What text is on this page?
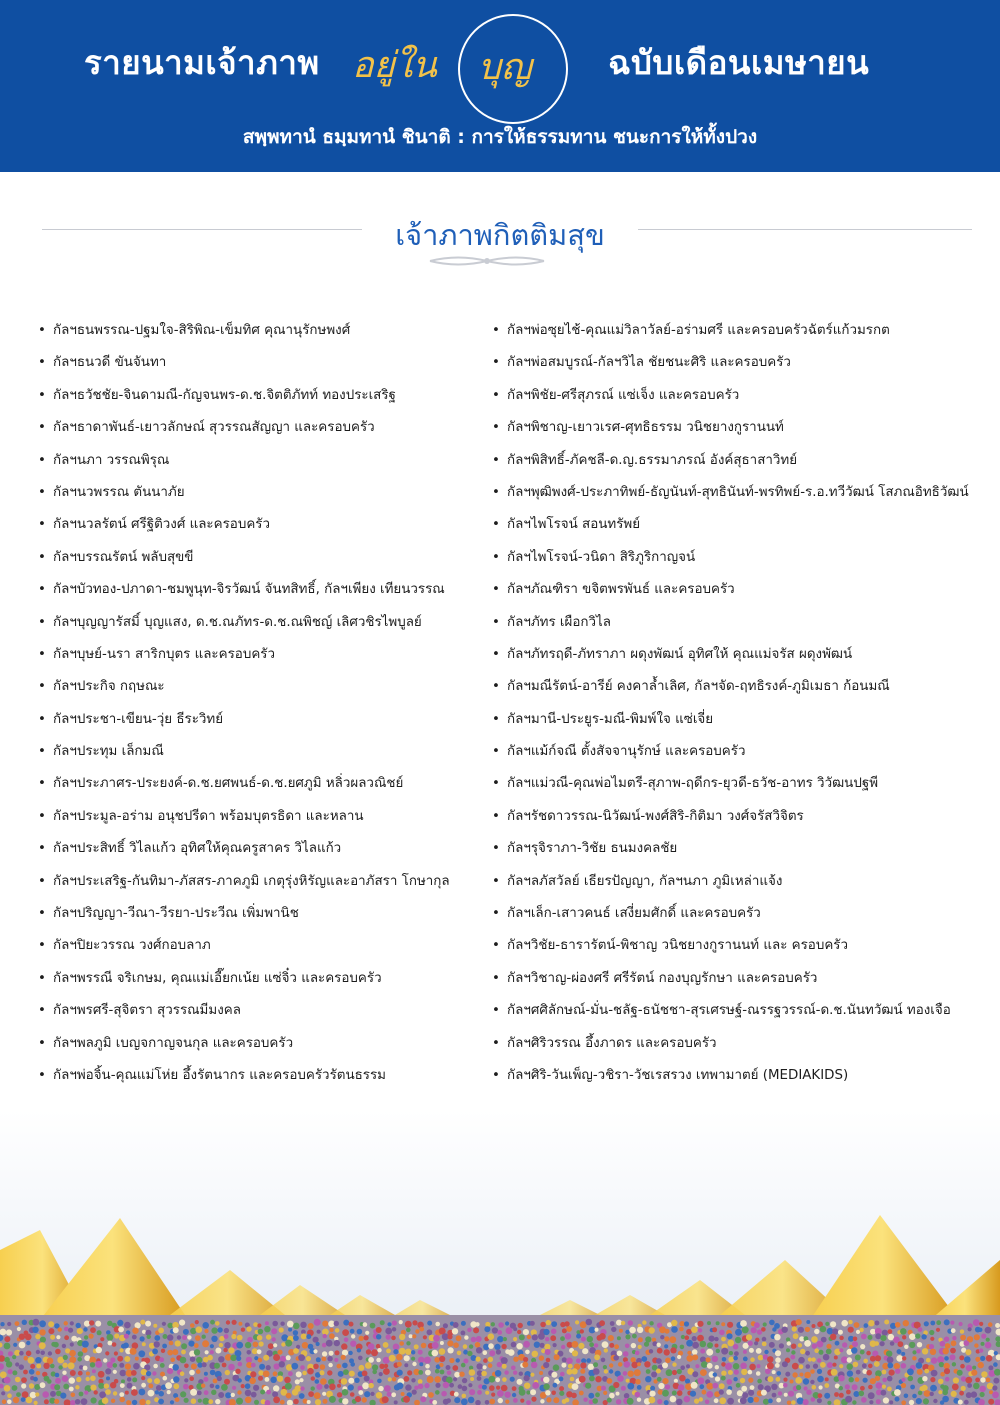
รายนามเจ้าภาพ อยู่ใน บุญ ฉบับเดือนเมษายน
สพฺพทานํ ธมฺมทานํ ชินาติ : การให้ธรรมทาน ชนะการให้ทั้งปวง
เจ้าภาพกิตติมสุข
• กัลฯธนพรรณ-ปฐมใจ-สิริพิณ-เข็มทิศ คุณานุรักษพงศ์
• กัลฯธนวดี ขันจันทา
• กัลฯธวัชชัย-จินดามณี-กัญจนพร-ด.ช.จิตติภัทท์ ทองประเสริฐ
• กัลฯธาดาพันธ์-เยาวลักษณ์ สุวรรณสัญญา และครอบครัว
• กัลฯนภา วรรณพิรุณ
• กัลฯนวพรรณ ตันนาภัย
• กัลฯนวลรัตน์ ศรีฐิติวงศ์ และครอบครัว
• กัลฯบรรณรัตน์ พลับสุขขี
• กัลฯบัวทอง-ปภาดา-ชมพูนุท-จิรวัฒน์ จันทสิทธิ์, กัลฯเพียง เทียนวรรณ
• กัลฯบุญญารัสมิ์ บุญแสง, ด.ช.ณภัทร-ด.ช.ณพิชญ์ เลิศวชิรไพบูลย์
• กัลฯบุษย์-นรา สาริกบุตร และครอบครัว
• กัลฯประกิจ กฤษณะ
• กัลฯประชา-เขียน-วุ่ย ธีระวิทย์
• กัลฯประทุม เล็กมณี
• กัลฯประภาศร-ประยงค์-ด.ช.ยศพนธ์-ด.ช.ยศภูมิ หลิ่วผลวณิชย์
• กัลฯประมูล-อร่าม อนุชปรีดา พร้อมบุตรธิดา และหลาน
• กัลฯประสิทธิ์ วิไลแก้ว อุทิศให้คุณครูสาคร วิไลแก้ว
• กัลฯประเสริฐ-กันทิมา-ภัสสร-ภาคภูมิ เกตุรุ่งหิรัญและอาภัสรา โกษากุล
• กัลฯปริญญา-วีณา-วีรยา-ประวีณ เพิ่มพานิช
• กัลฯปิยะวรรณ วงศ์กอบลาภ
• กัลฯพรรณี จริเกษม, คุณแม่เอี๊ยกเน้ย แซ่จิ๋ว และครอบครัว
• กัลฯพรศรี-สุจิตรา สุวรรณมีมงคล
• กัลฯพลภูมิ เบญจกาญจนกุล และครอบครัว
• กัลฯพ่อจิ้น-คุณแม่โห่ย อึ้งรัตนากร และครอบครัวรัตนธรรม
• กัลฯพ่อซุยไช้-คุณแม่วิลาวัลย์-อร่ามศรี และครอบครัวฉัตร์แก้วมรกต
• กัลฯพ่อสมบูรณ์-กัลฯวิไล ชัยชนะศิริ และครอบครัว
• กัลฯพิชัย-ศรีสุภรณ์ แซ่เจ็ง และครอบครัว
• กัลฯพิชาญ-เยาวเรศ-ศุทธิธรรม วนิชยางกูรานนท์
• กัลฯพิสิทธิ์-ภัคชลี-ด.ญ.ธรรมาภรณ์ อังค์สุธาสาวิทย์
• กัลฯพุฒิพงศ์-ประภาทิพย์-ธัญนันท์-สุทธินันท์-พรทิพย์-ร.อ.ทวีวัฒน์ โสภณอิทธิวัฒน์
• กัลฯไพโรจน์ สอนทรัพย์
• กัลฯไพโรจน์-วนิดา สิริภูริกาญจน์
• กัลฯภัณฑิรา ขจิตพรพันธ์ และครอบครัว
• กัลฯภัทร เผือกวิไล
• กัลฯภัทรฤดี-ภัทราภา ผดุงพัฒน์ อุทิศให้ คุณแม่จรัส ผดุงพัฒน์
• กัลฯมณีรัตน์-อารีย์ คงคาล้ำเลิศ, กัลฯจัด-ฤทธิรงค์-ภูมิเมธา ก้อนมณี
• กัลฯมานี-ประยูร-มณี-พิมพ์ใจ แซ่เจี่ย
• กัลฯแม้ก์จณี ตั้งสัจจานุรักษ์ และครอบครัว
• กัลฯแม่วณี-คุณพ่อไมตรี-สุภาพ-ฤดีกร-ยุวดี-ธวัช-อาทร วิวัฒนปฐพี
• กัลฯรัชดาวรรณ-นิวัฒน์-พงศ์สิริ-กิติมา วงศ์จรัสวิจิตร
• กัลฯรุจิราภา-วิชัย ธนมงคลชัย
• กัลฯลภัสวัลย์ เธียรปัญญา, กัลฯนภา ภูมิเหล่าแจ้ง
• กัลฯเล็ก-เสาวคนธ์ เสงี่ยมศักดิ์ และครอบครัว
• กัลฯวิชัย-ธารารัตน์-พิชาญ วนิชยางกูรานนท์ และ ครอบครัว
• กัลฯวิชาญ-ผ่องศรี ศรีรัตน์ กองบุญรักษา และครอบครัว
• กัลฯศศิลักษณ์-มั่น-ชลัฐ-ธนัชชา-สุรเศรษฐ์-ณรรฐวรรณ์-ด.ช.นันทวัฒน์ ทองเจือ
• กัลฯศิริวรรณ อึ้งภาดร และครอบครัว
• กัลฯศิริ-วันเพ็ญ-วชิรา-วัชเรสรวง เทพามาตย์ (MEDIAKIDS)
